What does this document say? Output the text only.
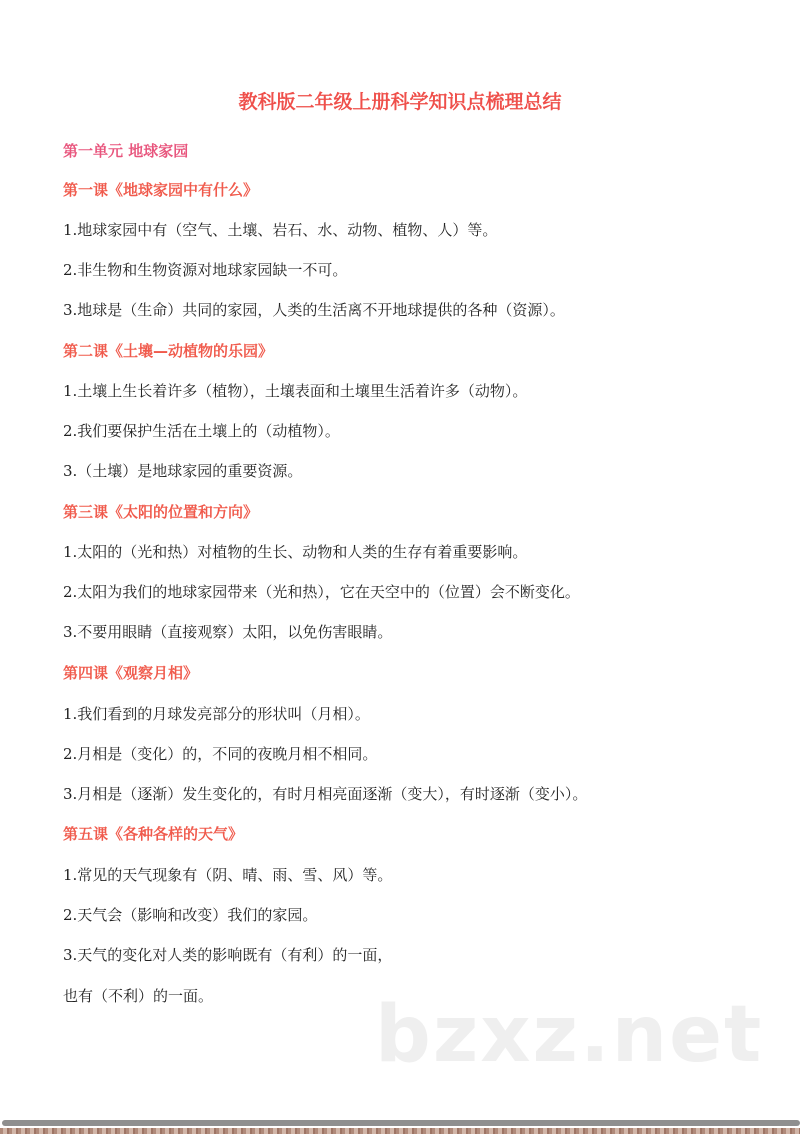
教科版二年级上册科学知识点梳理总结
第一单元 地球家园
第一课《地球家园中有什么》
1.地球家园中有（空气、土壤、岩石、水、动物、植物、人）等。
2.非生物和生物资源对地球家园缺一不可。
3.地球是（生命）共同的家园，人类的生活离不开地球提供的各种（资源）。
第二课《土壤—动植物的乐园》
1.土壤上生长着许多（植物），土壤表面和土壤里生活着许多（动物）。
2.我们要保护生活在土壤上的（动植物）。
3.（土壤）是地球家园的重要资源。
第三课《太阳的位置和方向》
1.太阳的（光和热）对植物的生长、动物和人类的生存有着重要影响。
2.太阳为我们的地球家园带来（光和热），它在天空中的（位置）会不断变化。
3.不要用眼睛（直接观察）太阳，以免伤害眼睛。
第四课《观察月相》
1.我们看到的月球发亮部分的形状叫（月相）。
2.月相是（变化）的，不同的夜晚月相不相同。
3.月相是（逐渐）发生变化的，有时月相亮面逐渐（变大），有时逐渐（变小）。
第五课《各种各样的天气》
1.常见的天气现象有（阴、晴、雨、雪、风）等。
2.天气会（影响和改变）我们的家园。
3.天气的变化对人类的影响既有（有利）的一面，
也有（不利）的一面。 bzxz.net
